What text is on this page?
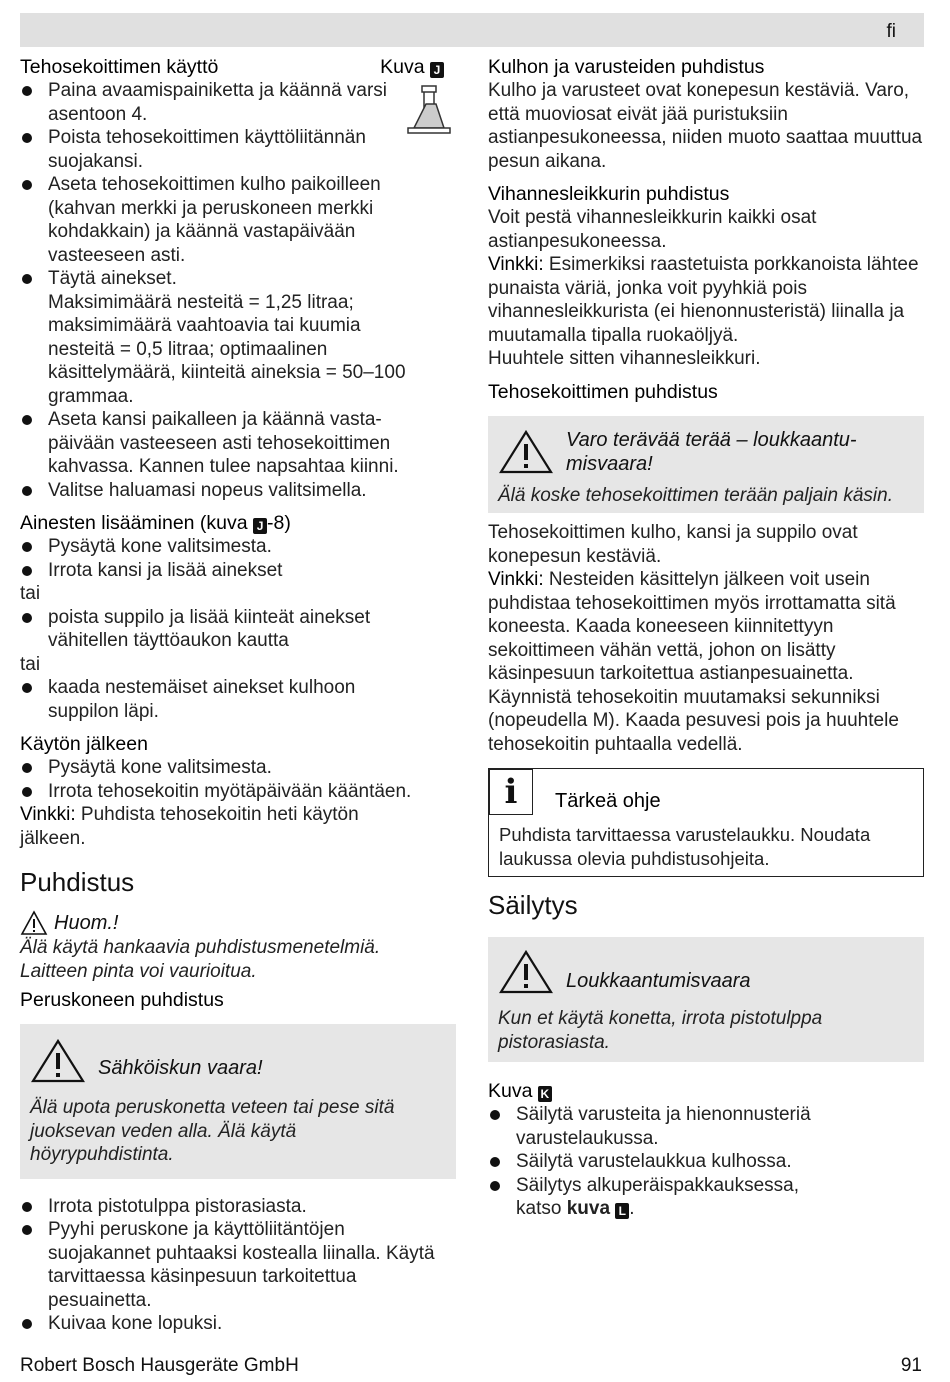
fi
Tehosekoittimen käyttö	Kuva J
Paina avaamispainiketta ja käännä varsi asentoon 4.
Poista tehosekoittimen käyttöliitännän suojakansi.
Aseta tehosekoittimen kulho paikoilleen (kahvan merkki ja peruskoneen merkki kohdakkain) ja käännä vastapäivään vasteeseen asti.
Täytä ainekset.

Maksimimäärä nesteitä = 1,25 litraa; maksimimäärä vaahtoavia tai kuumia nesteitä = 0,5 litraa; optimaalinen käsittelymäärä, kiinteitä aineksia = 50–100 grammaa.
Aseta kansi paikalleen ja käännä vasta-päivään vasteeseen asti tehosekoittimen kahvassa. Kannen tulee napsahtaa kiinni.
Valitse haluamasi nopeus valitsimella.
Ainesten lisääminen (kuva J -8)
Pysäytä kone valitsimesta.
Irrota kansi ja lisää ainekset

tai

poista suppilo ja lisää kiinteät ainekset vähitellen täyttöaukon kautta

tai

kaada nestemäiset ainekset kulhoon suppilon läpi.
Käytön jälkeen
Pysäytä kone valitsimesta.
Irrota tehosekoitin myötäpäivään kääntäen.

Vinkki: Puhdista tehosekoitin heti käytön jälkeen.

Puhdistus
Huom.!

Älä käytä hankaavia puhdistusmenetelmiä. Laitteen pinta voi vaurioitua.

Peruskoneen puhdistus
Sähköiskun vaara!

Älä upota peruskonetta veteen tai pese sitä juoksevan veden alla. Älä käytä höyrypuhdistinta.

Irrota pistotulppa pistorasiasta.
Pyyhi peruskone ja käyttöliitäntöjen suojakannet puhtaaksi kostealla liinalla. Käytä tarvittaessa käsinpesuun tarkoitettua pesuainetta.
Kuivaa kone lopuksi.
Kulhon ja varusteiden puhdistus

Kulho ja varusteet ovat konepesun kestäviä. Varo, että muoviosat eivät jää puristuksiin astianpesukoneessa, niiden muoto saattaa muuttua pesun aikana.

Vihannesleikkurin puhdistus

Voit pestä vihannesleikkurin kaikki osat astianpesukoneessa.

Vinkki: Esimerkiksi raastetuista porkkanoista lähtee punaista väriä, jonka voit pyyhkiä pois vihannesleikkurista (ei hienonnusteristä) liinalla ja muutamalla tipalla ruokaöljyä.

Huuhtele sitten vihannesleikkuri.

Tehosekoittimen puhdistus
Varo terävää terää – loukkaantu-misvaara!

Älä koske tehosekoittimen terään paljain käsin.

Tehosekoittimen kulho, kansi ja suppilo ovat konepesun kestäviä.

Vinkki: Nesteiden käsittelyn jälkeen voit usein puhdistaa tehosekoittimen myös irrottamatta sitä koneesta. Kaada koneeseen kiinnitettyyn sekoittimeen vähän vettä, johon on lisätty käsinpesuun tarkoitettua astianpesuainetta. Käynnistä tehosekoitin muutamaksi sekunniksi (nopeudella M). Kaada pesuvesi pois ja huuhtele tehosekoitin puhtaalla vedellä.

i	Tärkeä ohje

Puhdista tarvittaessa varustelaukku. Noudata laukussa olevia puhdistusohjeita.

Säilytys
Loukkaantumisvaara

Kun et käytä konetta, irrota pistotulppa pistorasiasta.

Kuva K
Säilytä varusteita ja hienonnusteriä varustelaukussa.
Säilytä varustelaukkua kulhossa.
Säilytys alkuperäispakkauksessa, katso kuva L .
Robert Bosch Hausgeräte GmbH	91
